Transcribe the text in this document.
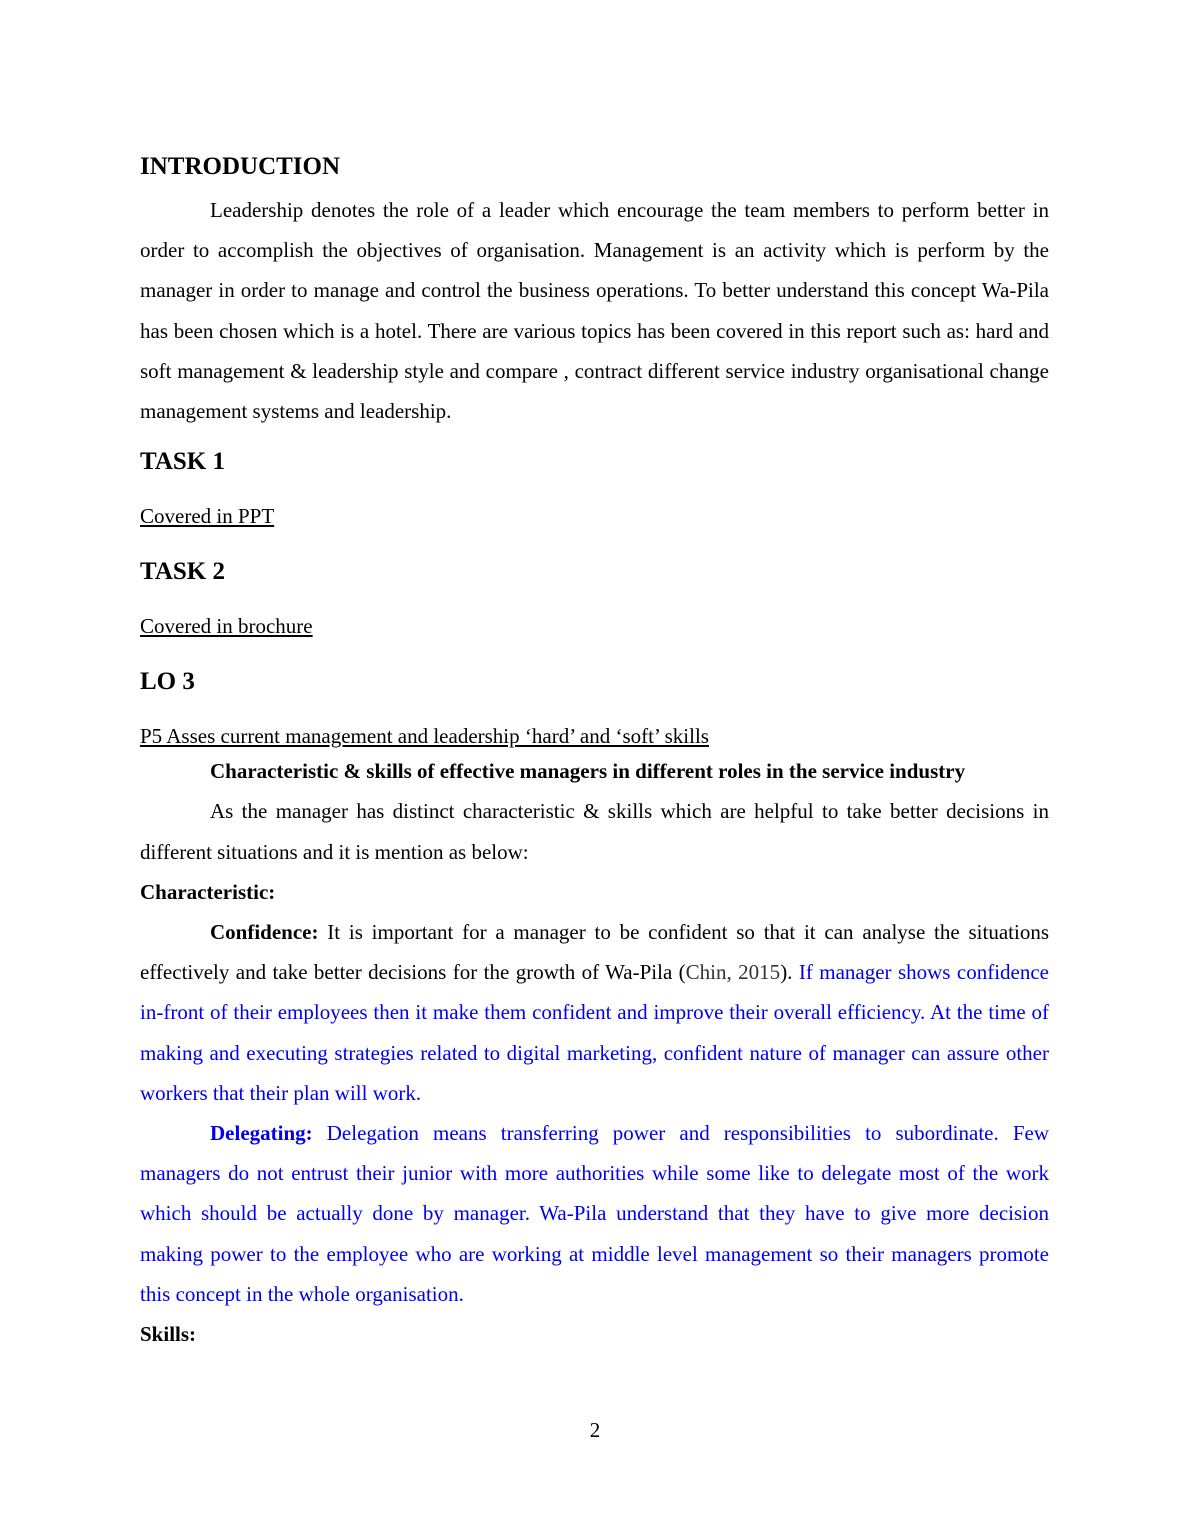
INTRODUCTION

Leadership denotes the role of a leader which encourage the team members to perform better in order to accomplish the objectives of organisation. Management is an activity which is perform by the manager in order to manage and control the business operations. To better understand this concept Wa-Pila has been chosen which is a hotel. There are various topics has been covered in this report such as: hard and soft management & leadership style and compare , contract different service industry organisational change management systems and leadership.

TASK 1

Covered in PPT

TASK 2

Covered in brochure

LO 3

P5 Asses current management and leadership ‘hard’ and ‘soft’ skills

Characteristic & skills of effective managers in different roles in the service industry

As the manager has distinct characteristic & skills which are helpful to take better decisions in different situations and it is mention as below:

Characteristic:

Confidence: It is important for a manager to be confident so that it can analyse the situations effectively and take better decisions for the growth of Wa-Pila (Chin, 2015). If manager shows confidence in-front of their employees then it make them confident and improve their overall efficiency. At the time of making and executing strategies related to digital marketing, confident nature of manager can assure other workers that their plan will work.

Delegating: Delegation means transferring power and responsibilities to subordinate. Few managers do not entrust their junior with more authorities while some like to delegate most of the work which should be actually done by manager. Wa-Pila understand that they have to give more decision making power to the employee who are working at middle level management so their managers promote this concept in the whole organisation.

Skills:

2
